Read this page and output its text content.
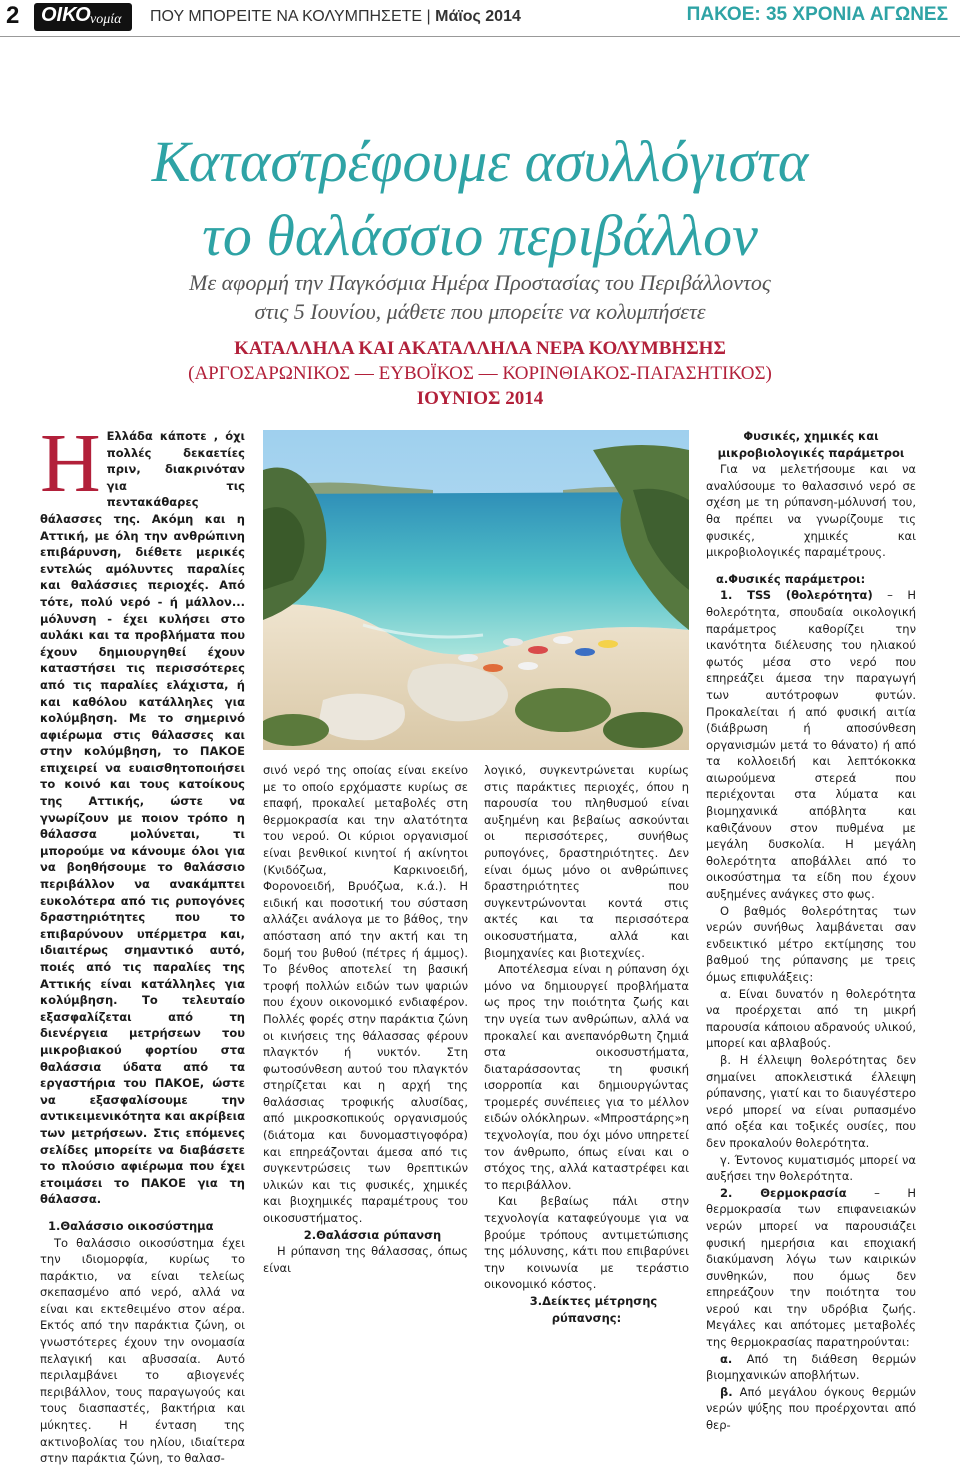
2 ΟΙΚΟ νομία ΠΟΥ ΜΠΟΡΕΙΤΕ ΝΑ ΚΟΛΥΜΠΗΣΕΤΕ | Μάϊος 2014	ΠΑΚΟΕ: 35 ΧΡΟΝΙΑ ΑΓΩΝΕΣ
Καταστρέφουμε ασυλλόγιστα
το θαλάσσιο περιβάλλον
Με αφορμή την Παγκόσμια Ημέρα Προστασίας του Περιβάλλοντος
στις 5 Ιουνίου, μάθετε που μπορείτε να κολυμπήσετε
ΚΑΤΑΛΛΗΛΑ ΚΑΙ ΑΚΑΤΑΛΛΗΛΑ ΝΕΡΑ ΚΟΛΥΜΒΗΣΗΣ
(ΑΡΓΟΣΑΡΩΝΙΚΟΣ — ΕΥΒΟΪΚΟΣ — ΚΟΡΙΝΘΙΑΚΟΣ-ΠΑΓΑΣΗΤΙΚΟΣ)
ΙΟΥΝΙΟΣ 2014
Η Ελλάδα κάποτε , όχι πολλές δεκαετίες πριν, διακρινόταν για τις πεντακάθαρες θάλασσες της. Ακόμη και η Αττική, με όλη την ανθρώπινη επιβάρυνση, διέθετε μερικές εντελώς αμόλυντες παραλίες και θαλάσσιες περιοχές. Από τότε, πολύ νερό - ή μάλλον... μόλυνση - έχει κυλήσει στο αυλάκι και τα προβλήματα που έχουν δημιουργηθεί έχουν καταστήσει τις περισσότερες από τις παραλίες ελάχιστα, ή και καθόλου κατάλληλες για κολύμβηση. Με το σημερινό αφιέρωμα στις θάλασσες και στην κολύμβηση, το ΠΑΚΟΕ επιχειρεί να ευαισθητοποιήσει το κοινό και τους κατοίκους της Αττικής, ώστε να γνωρίζουν με ποιον τρόπο η θάλασσα μολύνεται, τι μπορούμε να κάνουμε όλοι για να βοηθήσουμε το θαλάσσιο περιβάλλον να ανακάμπτει ευκολότερα από τις ρυπογόνες δραστηριότητες που το επιβαρύνουν υπέρμετρα και, ιδιαιτέρως σημαντικό αυτό, ποιές από τις παραλίες της Αττικής είναι κατάλληλες για κολύμβηση. Το τελευταίο εξασφαλίζεται από τη διενέργεια μετρήσεων του μικροβιακού φορτίου στα θαλάσσια ύδατα από τα εργαστήρια του ΠΑΚΟΕ, ώστε να εξασφαλίσουμε την αντικειμενικότητα και ακρίβεια των μετρήσεων. Στις επόμενες σελίδες μπορείτε να διαβάσετε το πλούσιο αφιέρωμα που έχει ετοιμάσει το ΠΑΚΟΕ για τη θάλασσα.

1.Θαλάσσιο οικοσύστημα

Το θαλάσσιο οικοσύστημα έχει την ιδιομορφία, κυρίως το παράκτιο, να είναι τελείως σκεπασμένο από νερό, αλλά να είναι και εκτεθειμένο στον αέρα. Εκτός από την παράκτια ζώνη, οι γνωστότερες έχουν την ονομασία πελαγική και αβυσσαία. Αυτό περιλαμβάνει το αβιογενές περιβάλλον, τους παραγωγούς και τους διασπαστές, βακτήρια και μύκητες. Η ένταση της ακτινοβολίας του ηλίου, ιδιαίτερα στην παράκτια ζώνη, το θαλασ-

σινό νερό της οποίας είναι εκείνο με το οποίο ερχόμαστε κυρίως σε επαφή, προκαλεί μεταβολές στη θερμοκρασία και την αλατότητα του νερού. Οι κύριοι οργανισμοί είναι βενθικοί κινητοί ή ακίνητοι (Κνιδόζωα, Καρκινοειδή, Φορονοειδή, Βρυόζωα, κ.ά.). Η ειδική και ποσοτική του σύσταση αλλάζει ανάλογα με το βάθος, την απόσταση από την ακτή και τη δομή του βυθού (πέτρες ή άμμος). Το βένθος αποτελεί τη βασική τροφή πολλών ειδών των ψαριών που έχουν οικονομικό ενδιαφέρον. Πολλές φορές στην παράκτια ζώνη οι κινήσεις της θάλασσας φέρουν πλαγκτόν ή νυκτόν. Στη φωτοσύνθεση αυτού του πλαγκτόν στηρίζεται και η αρχή της θαλάσσιας τροφικής αλυσίδας, από μικροσκοπικούς οργανισμούς (διάτομα και δυνομαστιγοφόρα) και επηρεάζονται άμεσα από τις συγκεντρώσεις των θρεπτικών υλικών και τις φυσικές, χημικές και βιοχημικές παραμέτρους του οικοσυστήματος.

2.Θαλάσσια ρύπανση

Η ρύπανση της θάλασσας, όπως είναι

λογικό, συγκεντρώνεται κυρίως στις παράκτιες περιοχές, όπου η παρουσία του πληθυσμού είναι αυξημένη και βεβαίως ασκούνται οι περισσότερες, συνήθως ρυπογόνες, δραστηριότητες. Δεν είναι όμως μόνο οι ανθρώπινες δραστηριότητες που συγκεντρώνονται κοντά στις ακτές και τα περισσότερα οικοσυστήματα, αλλά και βιομηχανίες και βιοτεχνίες.

Αποτέλεσμα είναι η ρύπανση όχι μόνο να δημιουργεί προβλήματα ως προς την ποιότητα ζωής και την υγεία των ανθρώπων, αλλά να προκαλεί και ανεπανόρθωτη ζημιά στα οικοσυστήματα, διαταράσσοντας τη φυσική ισορροπία και δημιουργώντας τρομερές συνέπειες για το μέλλον ειδών ολόκληρων. «Μπροστάρης»η τεχνολογία, που όχι μόνο υπηρετεί τον άνθρωπο, όπως είναι και ο στόχος της, αλλά καταστρέφει και το περιβάλλον.

Και βεβαίως πάλι στην τεχνολογία καταφεύγουμε για να βρούμε τρόπους αντιμετώπισης της μόλυνσης, κάτι που επιβαρύνει την κοινωνία με τεράστιο οικονομικό κόστος.

3.Δείκτες μέτρησης ρύπανσης:

Φυσικές, χημικές και μικροβιολογικές παράμετροι

Για να μελετήσουμε και να αναλύσουμε το θαλασσινό νερό σε σχέση με τη ρύπανση-μόλυνσή του, θα πρέπει να γνωρίζουμε τις φυσικές, χημικές και μικροβιολογικές παραμέτρους.

α.Φυσικές παράμετροι:

1. TSS (θολερότητα) – Η θολερότητα, σπουδαία οικολογική παράμετρος καθορίζει την ικανότητα διέλευσης του ηλιακού φωτός μέσα στο νερό που επηρεάζει άμεσα την παραγωγή των αυτότροφων φυτών. Προκαλείται ή από φυσική αιτία (διάβρωση ή αποσύνθεση οργανισμών μετά το θάνατο) ή από τα κολλοειδή και λεπτόκοκκα αιωρούμενα στερεά που περιέχονται στα λύματα και βιομηχανικά απόβλητα και καθιζάνουν στον πυθμένα με μεγάλη δυσκολία. Η μεγάλη θολερότητα αποβάλλει από το οικοσύστημα τα είδη που έχουν αυξημένες ανάγκες στο φως.

Ο βαθμός θολερότητας των νερών συνήθως λαμβάνεται σαν ενδεικτικό μέτρο εκτίμησης του βαθμού της ρύπανσης με τρεις όμως επιφυλάξεις:

α. Είναι δυνατόν η θολερότητα να προέρχεται από τη μικρή παρουσία κάποιου αδρανούς υλικού, μπορεί και αβλαβούς.

β. Η έλλειψη θολερότητας δεν σημαίνει αποκλειστικά έλλειψη ρύπανσης, γιατί και το διαυγέστερο νερό μπορεί να είναι ρυπασμένο από οξέα και τοξικές ουσίες, που δεν προκαλούν θολερότητα.

γ. Έντονος κυματισμός μπορεί να αυξήσει την θολερότητα.

2. Θερμοκρασία – Η θερμοκρασία των επιφανειακών νερών μπορεί να παρουσιάζει φυσική ημερήσια και εποχιακή διακύμανση λόγω των καιρικών συνθηκών, που όμως δεν επηρεάζουν την ποιότητα του νερού και την υδρόβια ζωής. Μεγάλες και απότομες μεταβολές της θερμοκρασίας παρατηρούνται:

α. Από τη διάθεση θερμών βιομηχανικών αποβλήτων.

β. Από μεγάλου όγκους θερμών νερών ψύξης που προέρχονται από θερ-
